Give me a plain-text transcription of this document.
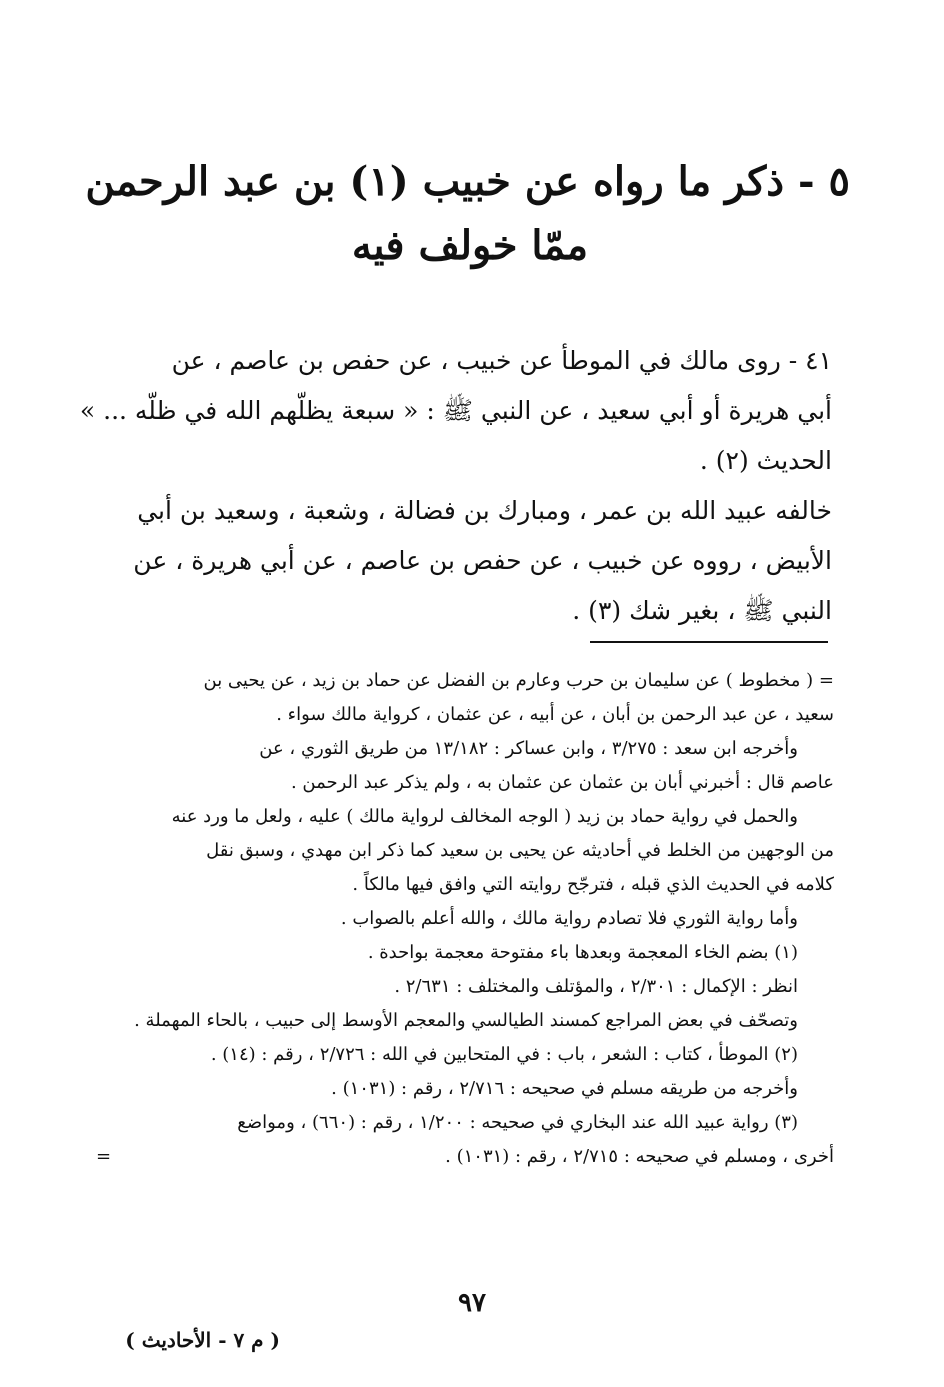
٥ - ذكر ما رواه عن خبيب (١) بن عبد الرحمن
ممّا خولف فيه
٤١ - روى مالك في الموطأ عن خبيب ، عن حفص بن عاصم ، عن
أبي هريرة أو أبي سعيد ، عن النبي ﷺ : « سبعة يظلّهم الله في ظلّه ... »
الحديث (٢) .
خالفه عبيد الله بن عمر ، ومبارك بن فضالة ، وشعبة ، وسعيد بن أبي
الأبيض ، رووه عن خبيب ، عن حفص بن عاصم ، عن أبي هريرة ، عن
النبي ﷺ ، بغير شك (٣) .
= ( مخطوط ) عن سليمان بن حرب وعارم بن الفضل عن حماد بن زيد ، عن يحيى بن
سعيد ، عن عبد الرحمن بن أبان ، عن أبيه ، عن عثمان ، كرواية مالك سواء .
وأخرجه ابن سعد : ٣/٢٧٥ ، وابن عساكر : ١٣/١٨٢ من طريق الثوري ، عن
عاصم قال : أخبرني أبان بن عثمان عن عثمان به ، ولم يذكر عبد الرحمن .
والحمل في رواية حماد بن زيد ( الوجه المخالف لرواية مالك ) عليه ، ولعل ما ورد عنه
من الوجهين من الخلط في أحاديثه عن يحيى بن سعيد كما ذكر ابن مهدي ، وسبق نقل
كلامه في الحديث الذي قبله ، فترجّح روايته التي وافق فيها مالكاً .
وأما رواية الثوري فلا تصادم رواية مالك ، والله أعلم بالصواب .
(١) بضم الخاء المعجمة وبعدها باء مفتوحة معجمة بواحدة .
انظر : الإكمال : ٢/٣٠١ ، والمؤتلف والمختلف : ٢/٦٣١ .
وتصحّف في بعض المراجع كمسند الطيالسي والمعجم الأوسط إلى حبيب ، بالحاء المهملة .
(٢) الموطأ ، كتاب : الشعر ، باب : في المتحابين في الله : ٢/٧٢٦ ، رقم : (١٤) .
وأخرجه من طريقه مسلم في صحيحه : ٢/٧١٦ ، رقم : (١٠٣١) .
(٣) رواية عبيد الله عند البخاري في صحيحه : ١/٢٠٠ ، رقم : (٦٦٠) ، ومواضع
أخرى ، ومسلم في صحيحه : ٢/٧١٥ ، رقم : (١٠٣١) .
=
٩٧
( م ٧ - الأحاديث )
